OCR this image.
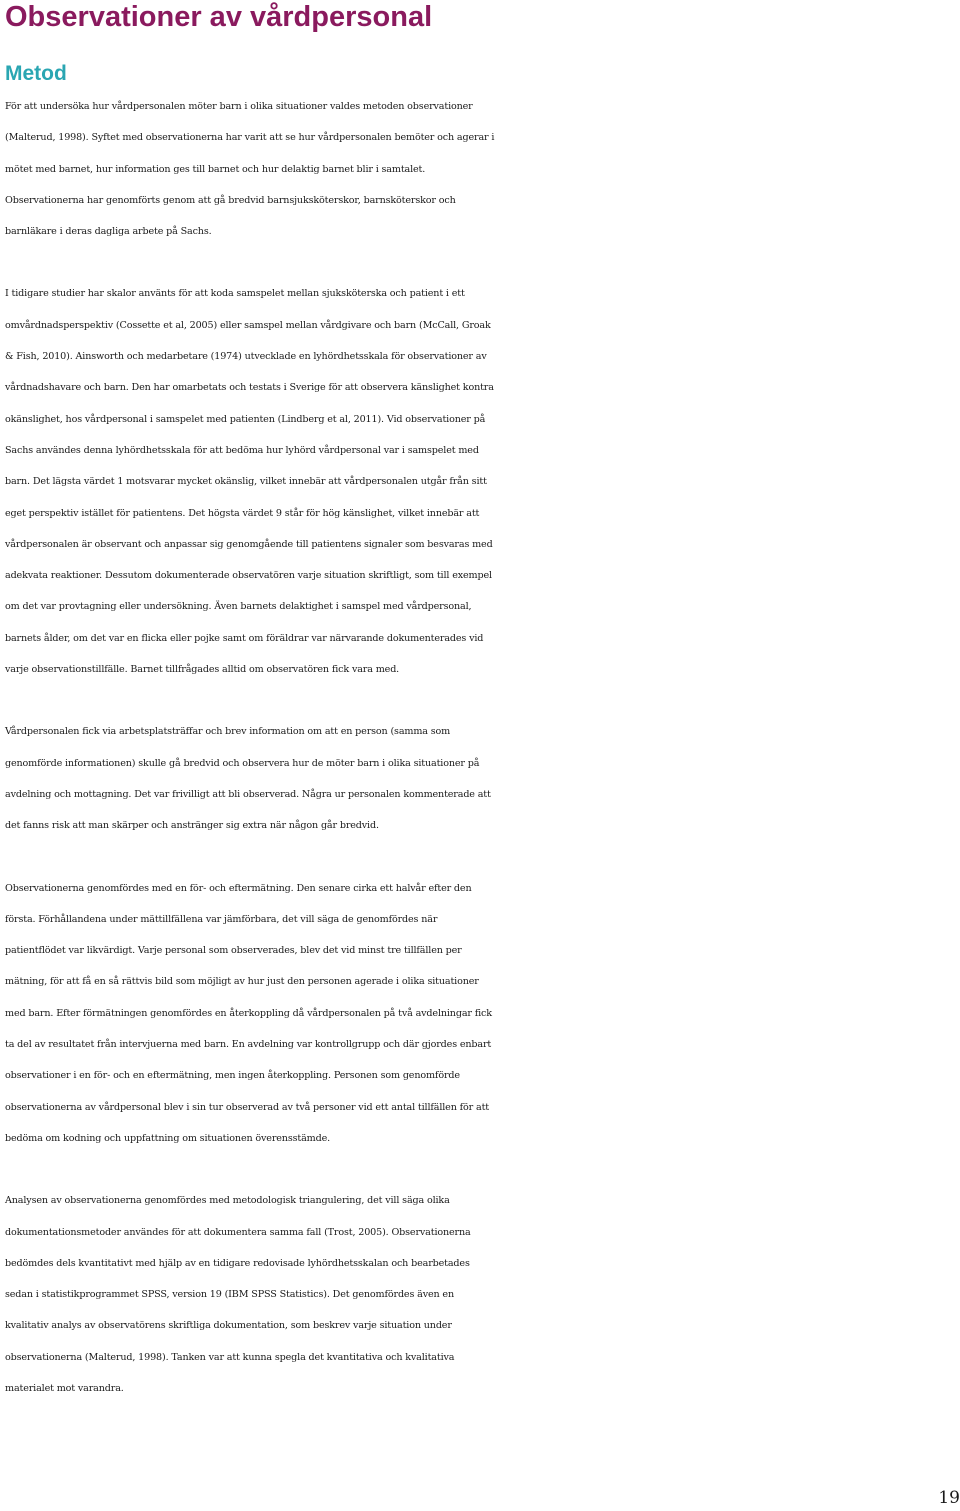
Observationer av vårdpersonal
Metod

För att undersöka hur vårdpersonalen möter barn i olika situationer valdes metoden observationer

(Malterud, 1998). Syftet med observationerna har varit att se hur vårdpersonalen bemöter och agerar i

mötet med barnet, hur information ges till barnet och hur delaktig barnet blir i samtalet.

Observationerna har genomförts genom att gå bredvid barnsjuksköterskor, barnsköterskor och

barnläkare i deras dagliga arbete på Sachs.

I tidigare studier har skalor använts för att koda samspelet mellan sjuksköterska och patient i ett

omvårdnadsperspektiv (Cossette et al, 2005) eller samspel mellan vårdgivare och barn (McCall, Groak

& Fish, 2010). Ainsworth och medarbetare (1974) utvecklade en lyhördhetsskala för observationer av

vårdnadshavare och barn. Den har omarbetats och testats i Sverige för att observera känslighet kontra

okänslighet, hos vårdpersonal i samspelet med patienten (Lindberg et al, 2011). Vid observationer på

Sachs användes denna lyhördhetsskala för att bedöma hur lyhörd vårdpersonal var i samspelet med

barn. Det lägsta värdet 1 motsvarar mycket okänslig, vilket innebär att vårdpersonalen utgår från sitt

eget perspektiv istället för patientens. Det högsta värdet 9 står för hög känslighet, vilket innebär att

vårdpersonalen är observant och anpassar sig genomgående till patientens signaler som besvaras med

adekvata reaktioner. Dessutom dokumenterade observatören varje situation skriftligt, som till exempel

om det var provtagning eller undersökning. Även barnets delaktighet i samspel med vårdpersonal,

barnets ålder, om det var en flicka eller pojke samt om föräldrar var närvarande dokumenterades vid

varje observationstillfälle. Barnet tillfrågades alltid om observatören fick vara med.

Vårdpersonalen fick via arbetsplatsträffar och brev information om att en person (samma som

genomförde informationen) skulle gå bredvid och observera hur de möter barn i olika situationer på

avdelning och mottagning. Det var frivilligt att bli observerad. Några ur personalen kommenterade att

det fanns risk att man skärper och anstränger sig extra när någon går bredvid.

Observationerna genomfördes med en för- och eftermätning. Den senare cirka ett halvår efter den

första. Förhållandena under mättillfällena var jämförbara, det vill säga de genomfördes när

patientflödet var likvärdigt. Varje personal som observerades, blev det vid minst tre tillfällen per

mätning, för att få en så rättvis bild som möjligt av hur just den personen agerade i olika situationer

med barn. Efter förmätningen genomfördes en återkoppling då vårdpersonalen på två avdelningar fick

ta del av resultatet från intervjuerna med barn. En avdelning var kontrollgrupp och där gjordes enbart

observationer i en för- och en eftermätning, men ingen återkoppling. Personen som genomförde

observationerna av vårdpersonal blev i sin tur observerad av två personer vid ett antal tillfällen för att

bedöma om kodning och uppfattning om situationen överensstämde.

Analysen av observationerna genomfördes med metodologisk triangulering, det vill säga olika

dokumentationsmetoder användes för att dokumentera samma fall (Trost, 2005). Observationerna

bedömdes dels kvantitativt med hjälp av en tidigare redovisade lyhördhetsskalan och bearbetades

sedan i statistikprogrammet SPSS, version 19 (IBM SPSS Statistics). Det genomfördes även en

kvalitativ analys av observatörens skriftliga dokumentation, som beskrev varje situation under

observationerna (Malterud, 1998). Tanken var att kunna spegla det kvantitativa och kvalitativa

materialet mot varandra.

19
